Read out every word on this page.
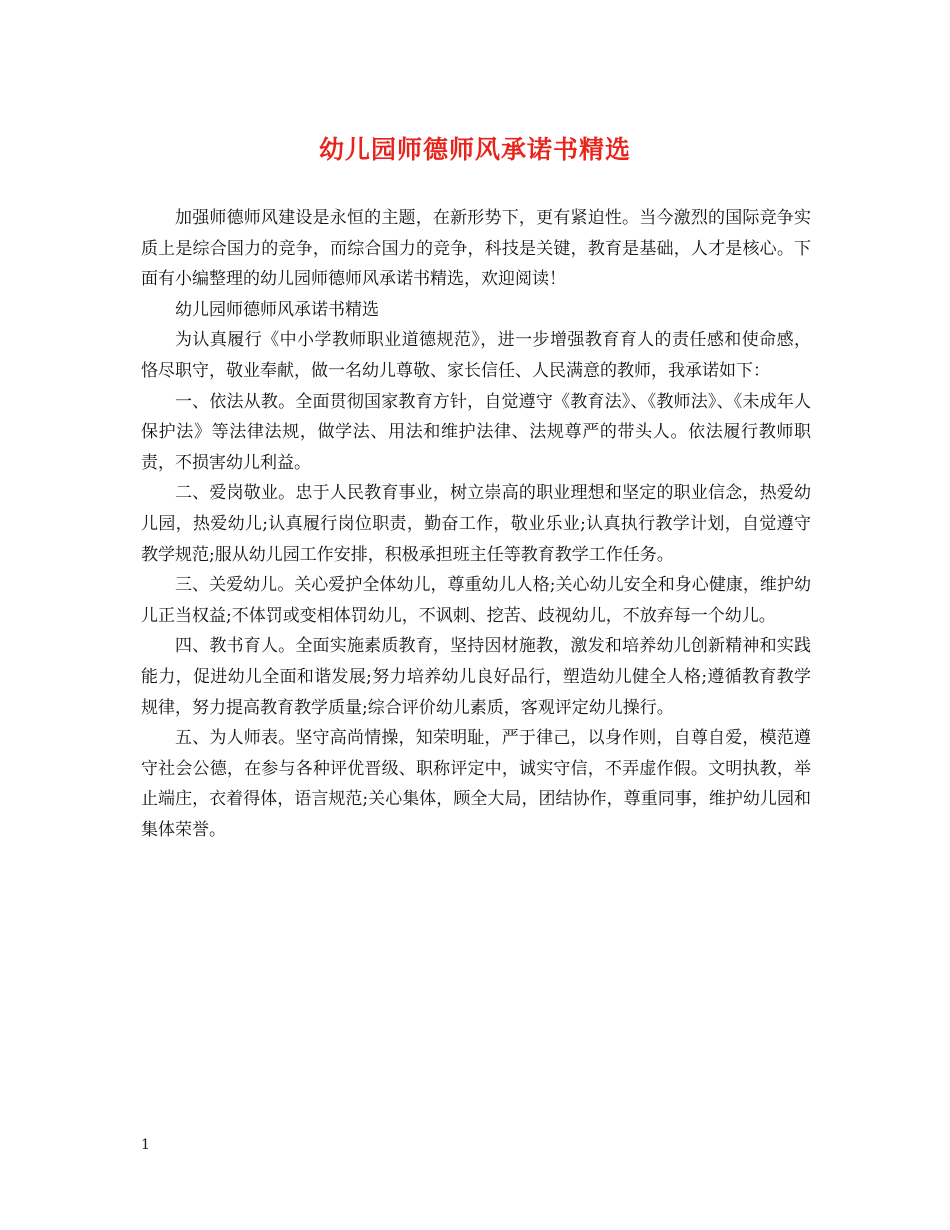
幼儿园师德师风承诺书精选

加强师德师风建设是永恒的主题，在新形势下，更有紧迫性。当今激烈的国际竞争实质上是综合国力的竞争，而综合国力的竞争，科技是关键，教育是基础，人才是核心。下面有小编整理的幼儿园师德师风承诺书精选，欢迎阅读！

幼儿园师德师风承诺书精选

为认真履行《中小学教师职业道德规范》，进一步增强教育育人的责任感和使命感，恪尽职守，敬业奉献，做一名幼儿尊敬、家长信任、人民满意的教师，我承诺如下：

一、依法从教。全面贯彻国家教育方针，自觉遵守《教育法》、《教师法》、《未成年人保护法》等法律法规，做学法、用法和维护法律、法规尊严的带头人。依法履行教师职责，不损害幼儿利益。

二、爱岗敬业。忠于人民教育事业，树立崇高的职业理想和坚定的职业信念，热爱幼儿园，热爱幼儿;认真履行岗位职责，勤奋工作，敬业乐业;认真执行教学计划，自觉遵守教学规范;服从幼儿园工作安排，积极承担班主任等教育教学工作任务。

三、关爱幼儿。关心爱护全体幼儿，尊重幼儿人格;关心幼儿安全和身心健康，维护幼儿正当权益;不体罚或变相体罚幼儿，不讽刺、挖苦、歧视幼儿，不放弃每一个幼儿。

四、教书育人。全面实施素质教育，坚持因材施教，激发和培养幼儿创新精神和实践能力，促进幼儿全面和谐发展;努力培养幼儿良好品行，塑造幼儿健全人格;遵循教育教学规律，努力提高教育教学质量;综合评价幼儿素质，客观评定幼儿操行。

五、为人师表。坚守高尚情操，知荣明耻，严于律己，以身作则，自尊自爱，模范遵守社会公德，在参与各种评优晋级、职称评定中，诚实守信，不弄虚作假。文明执教，举止端庄，衣着得体，语言规范;关心集体，顾全大局，团结协作，尊重同事，维护幼儿园和集体荣誉。

1
